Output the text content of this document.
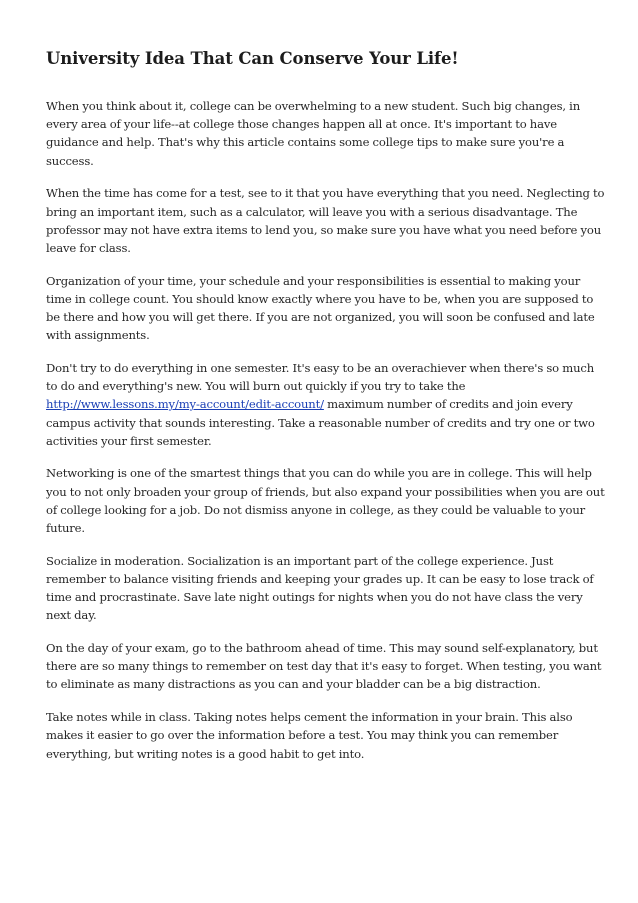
University Idea That Can Conserve Your Life!

When you think about it, college can be overwhelming to a new student. Such big changes, in every area of your life--at college those changes happen all at once. It's important to have guidance and help. That's why this article contains some college tips to make sure you're a success.

When the time has come for a test, see to it that you have everything that you need. Neglecting to bring an important item, such as a calculator, will leave you with a serious disadvantage. The professor may not have extra items to lend you, so make sure you have what you need before you leave for class.

Organization of your time, your schedule and your responsibilities is essential to making your time in college count. You should know exactly where you have to be, when you are supposed to be there and how you will get there. If you are not organized, you will soon be confused and late with assignments.

Don't try to do everything in one semester. It's easy to be an overachiever when there's so much to do and everything's new. You will burn out quickly if you try to take the http://www.lessons.my/my-account/edit-account/ maximum number of credits and join every campus activity that sounds interesting. Take a reasonable number of credits and try one or two activities your first semester.

Networking is one of the smartest things that you can do while you are in college. This will help you to not only broaden your group of friends, but also expand your possibilities when you are out of college looking for a job. Do not dismiss anyone in college, as they could be valuable to your future.

Socialize in moderation. Socialization is an important part of the college experience. Just remember to balance visiting friends and keeping your grades up. It can be easy to lose track of time and procrastinate. Save late night outings for nights when you do not have class the very next day.

On the day of your exam, go to the bathroom ahead of time. This may sound self-explanatory, but there are so many things to remember on test day that it's easy to forget. When testing, you want to eliminate as many distractions as you can and your bladder can be a big distraction.

Take notes while in class. Taking notes helps cement the information in your brain. This also makes it easier to go over the information before a test. You may think you can remember everything, but writing notes is a good habit to get into.
